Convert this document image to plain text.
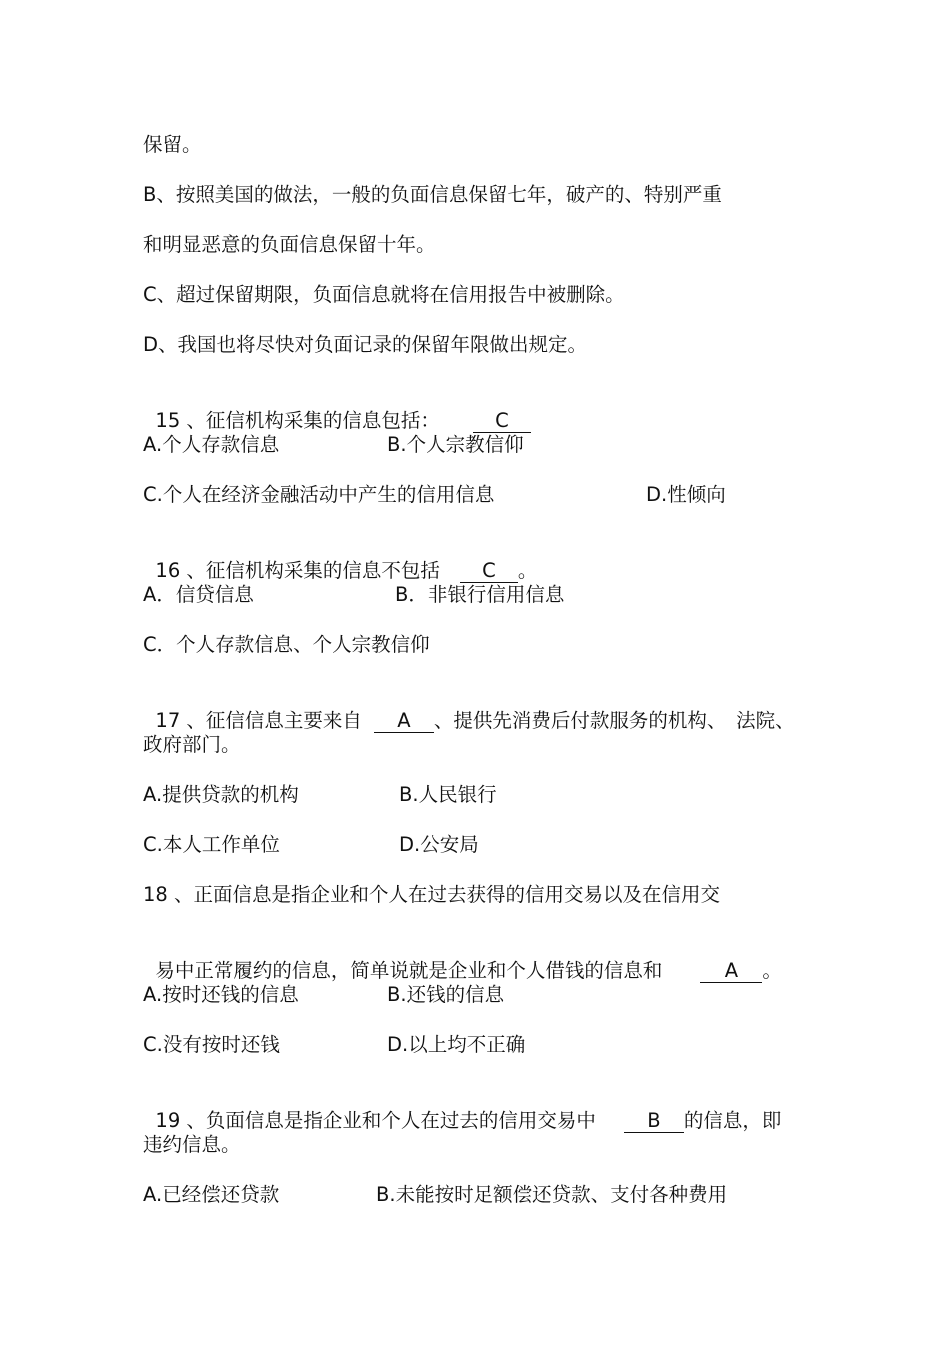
保留。
B、按照美国的做法，一般的负面信息保留七年，破产的、特别严重
和明显恶意的负面信息保留十年。
C、超过保留期限，负面信息就将在信用报告中被删除。
D、我国也将尽快对负面记录的保留年限做出规定。

15 、征信机构采集的信息包括：	C

A.个人存款信息	B.个人宗教信仰
C.个人在经济金融活动中产生的信用信息	D.性倾向

16 、征信机构采集的信息不包括 C 。

A．信贷信息	B．非银行信用信息
C．个人存款信息、个人宗教信仰

17 、征信信息主要来自 A 、提供先消费后付款服务的机构、　法院、

政府部门。
A.提供贷款的机构	B.人民银行
C.本人工作单位	D.公安局
18 、正面信息是指企业和个人在过去获得的信用交易以及在信用交

易中正常履约的信息，简单说就是企业和个人借钱的信息和	A 。

A.按时还钱的信息	B.还钱的信息
C.没有按时还钱	D.以上均不正确

19 、负面信息是指企业和个人在过去的信用交易中	B 的信息，即

违约信息。
A.已经偿还贷款	B.未能按时足额偿还贷款、支付各种费用
